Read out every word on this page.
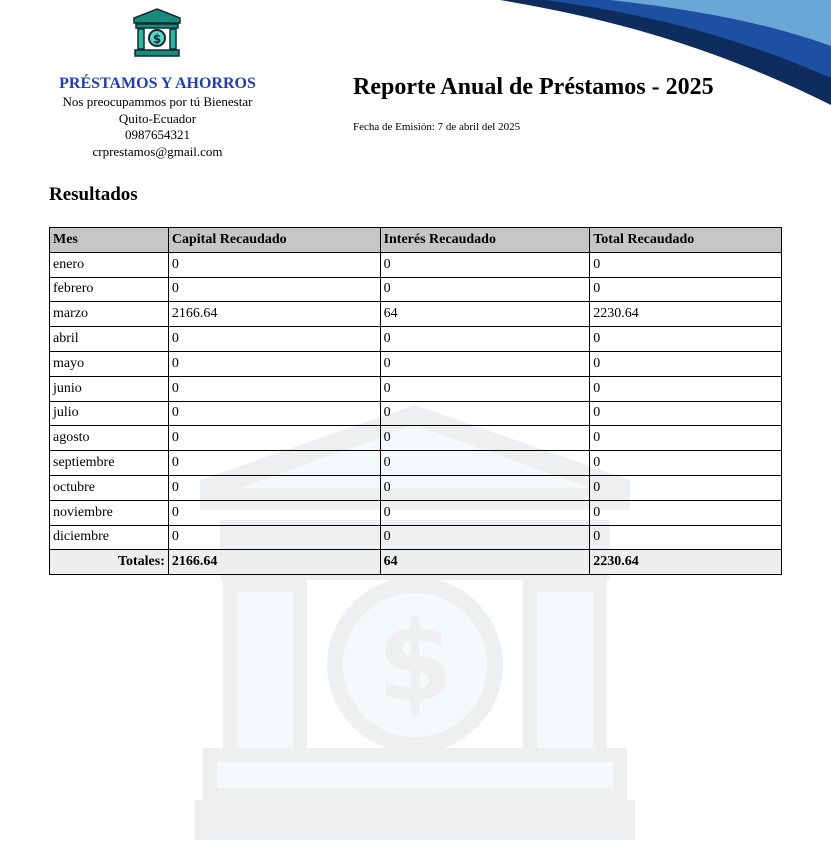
$
$
PRÉSTAMOS Y AHORROS
Nos preocupammos por tú Bienestar
Quito-Ecuador
0987654321
crprestamos@gmail.com
Reporte Anual de Préstamos - 2025
Fecha de Emisión: 7 de abril del 2025
Resultados
Mes	Capital Recaudado	Interés Recaudado	Total Recaudado
enero	0	0	0
febrero	0	0	0
marzo	2166.64	64	2230.64
abril	0	0	0
mayo	0	0	0
junio	0	0	0
julio	0	0	0
agosto	0	0	0
septiembre	0	0	0
octubre	0	0	0
noviembre	0	0	0
diciembre	0	0	0
Totales:	2166.64	64	2230.64
